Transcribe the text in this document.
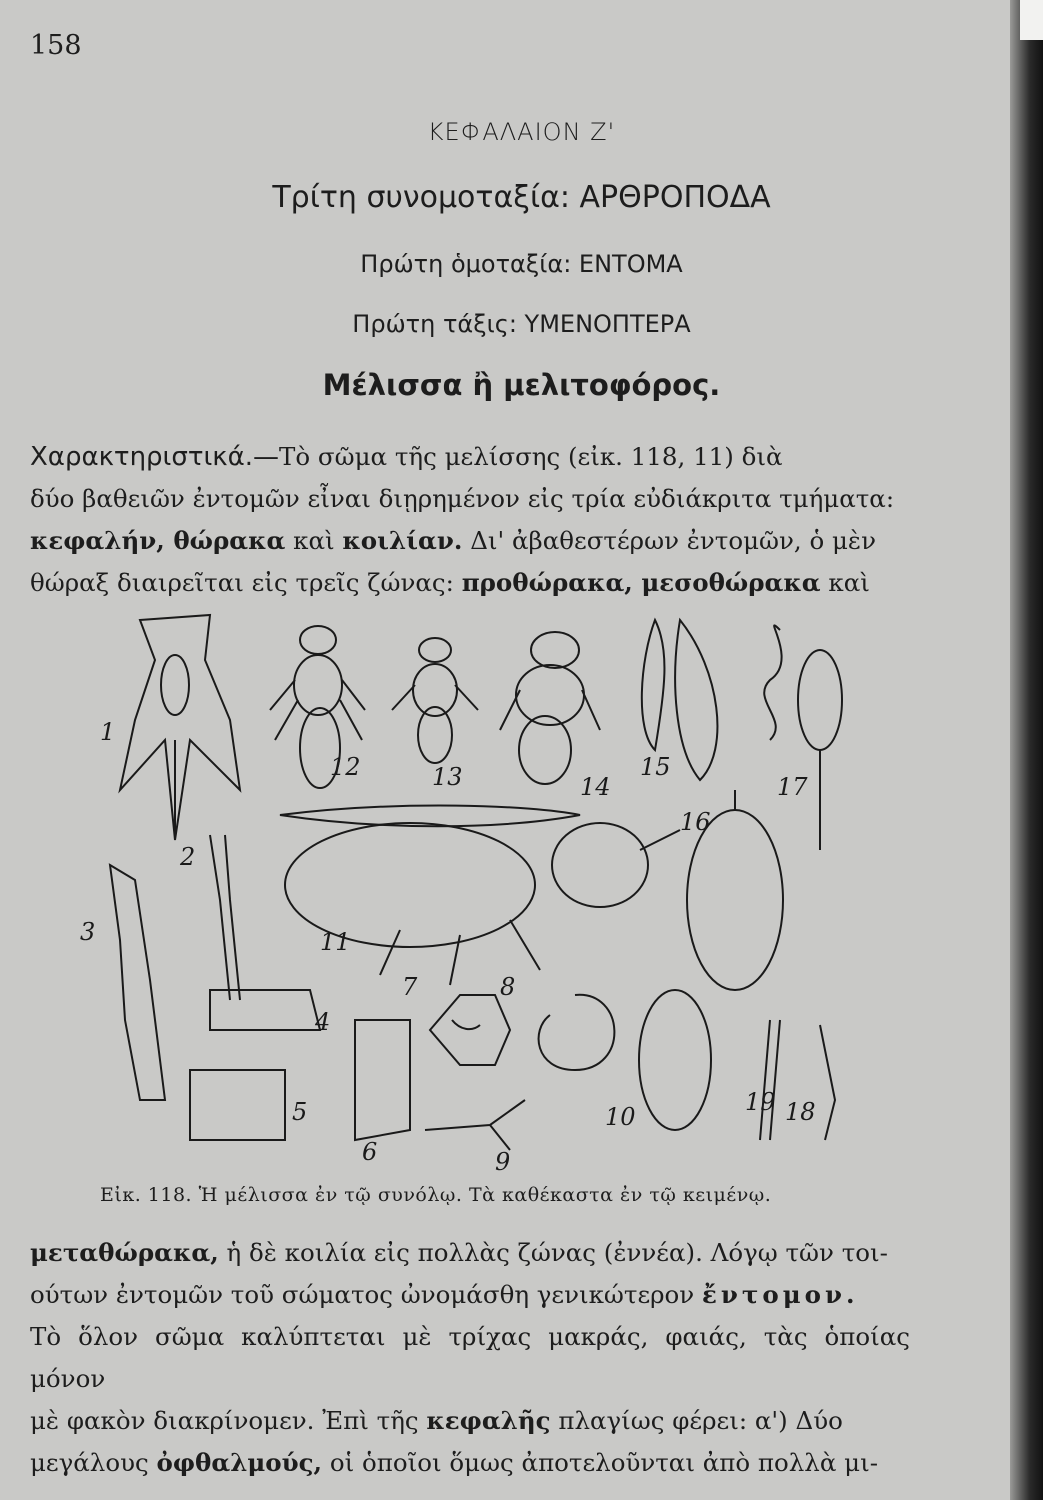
158
ΚΕΦΑΛΑΙΟΝ Ζ'
Τρίτη συνομοταξία: ΑΡΘΡΟΠΟΔΑ
Πρώτη ὁμοταξία: ΕΝΤΟΜΑ
Πρώτη τάξις: ΥΜΕΝΟΠΤΕΡΑ
Μέλισσα ἢ μελιτοφόρος.

Χαρακτηριστικά.—Τὸ σῶμα τῆς μελίσσης (εἰκ. 118, 11) διὰ

δύο βαθειῶν ἐντομῶν εἶναι διῃρημένον εἰς τρία εὐδιάκριτα τμήματα:

κεφαλήν, θώρακα καὶ κοιλίαν. Δι' ἀβαθεστέρων ἐντομῶν, ὁ μὲν

θώραξ διαιρεῖται εἰς τρεῖς ζώνας: προθώρακα, μεσοθώρακα καὶ

1
2
3
4
5
6
7	8
9
10
11
12	13	14
15
16
17
18
19
Εἰκ. 118. Ἡ μέλισσα ἐν τῷ συνόλῳ. Τὰ καθέκαστα ἐν τῷ κειμένῳ.

μεταθώρακα, ἡ δὲ κοιλία εἰς πολλὰς ζώνας (ἐννέα). Λόγῳ τῶν τοι-

ούτων ἐντομῶν τοῦ σώματος ὠνομάσθη γενικώτερον ἔντομον.

Τὸ ὅλον σῶμα καλύπτεται μὲ τρίχας μακράς, φαιάς, τὰς ὁποίας μόνον

μὲ φακὸν διακρίνομεν. Ἐπὶ τῆς κεφαλῆς πλαγίως φέρει: α') Δύο

μεγάλους ὀφθαλμούς, οἱ ὁποῖοι ὅμως ἀποτελοῦνται ἀπὸ πολλὰ μι-
